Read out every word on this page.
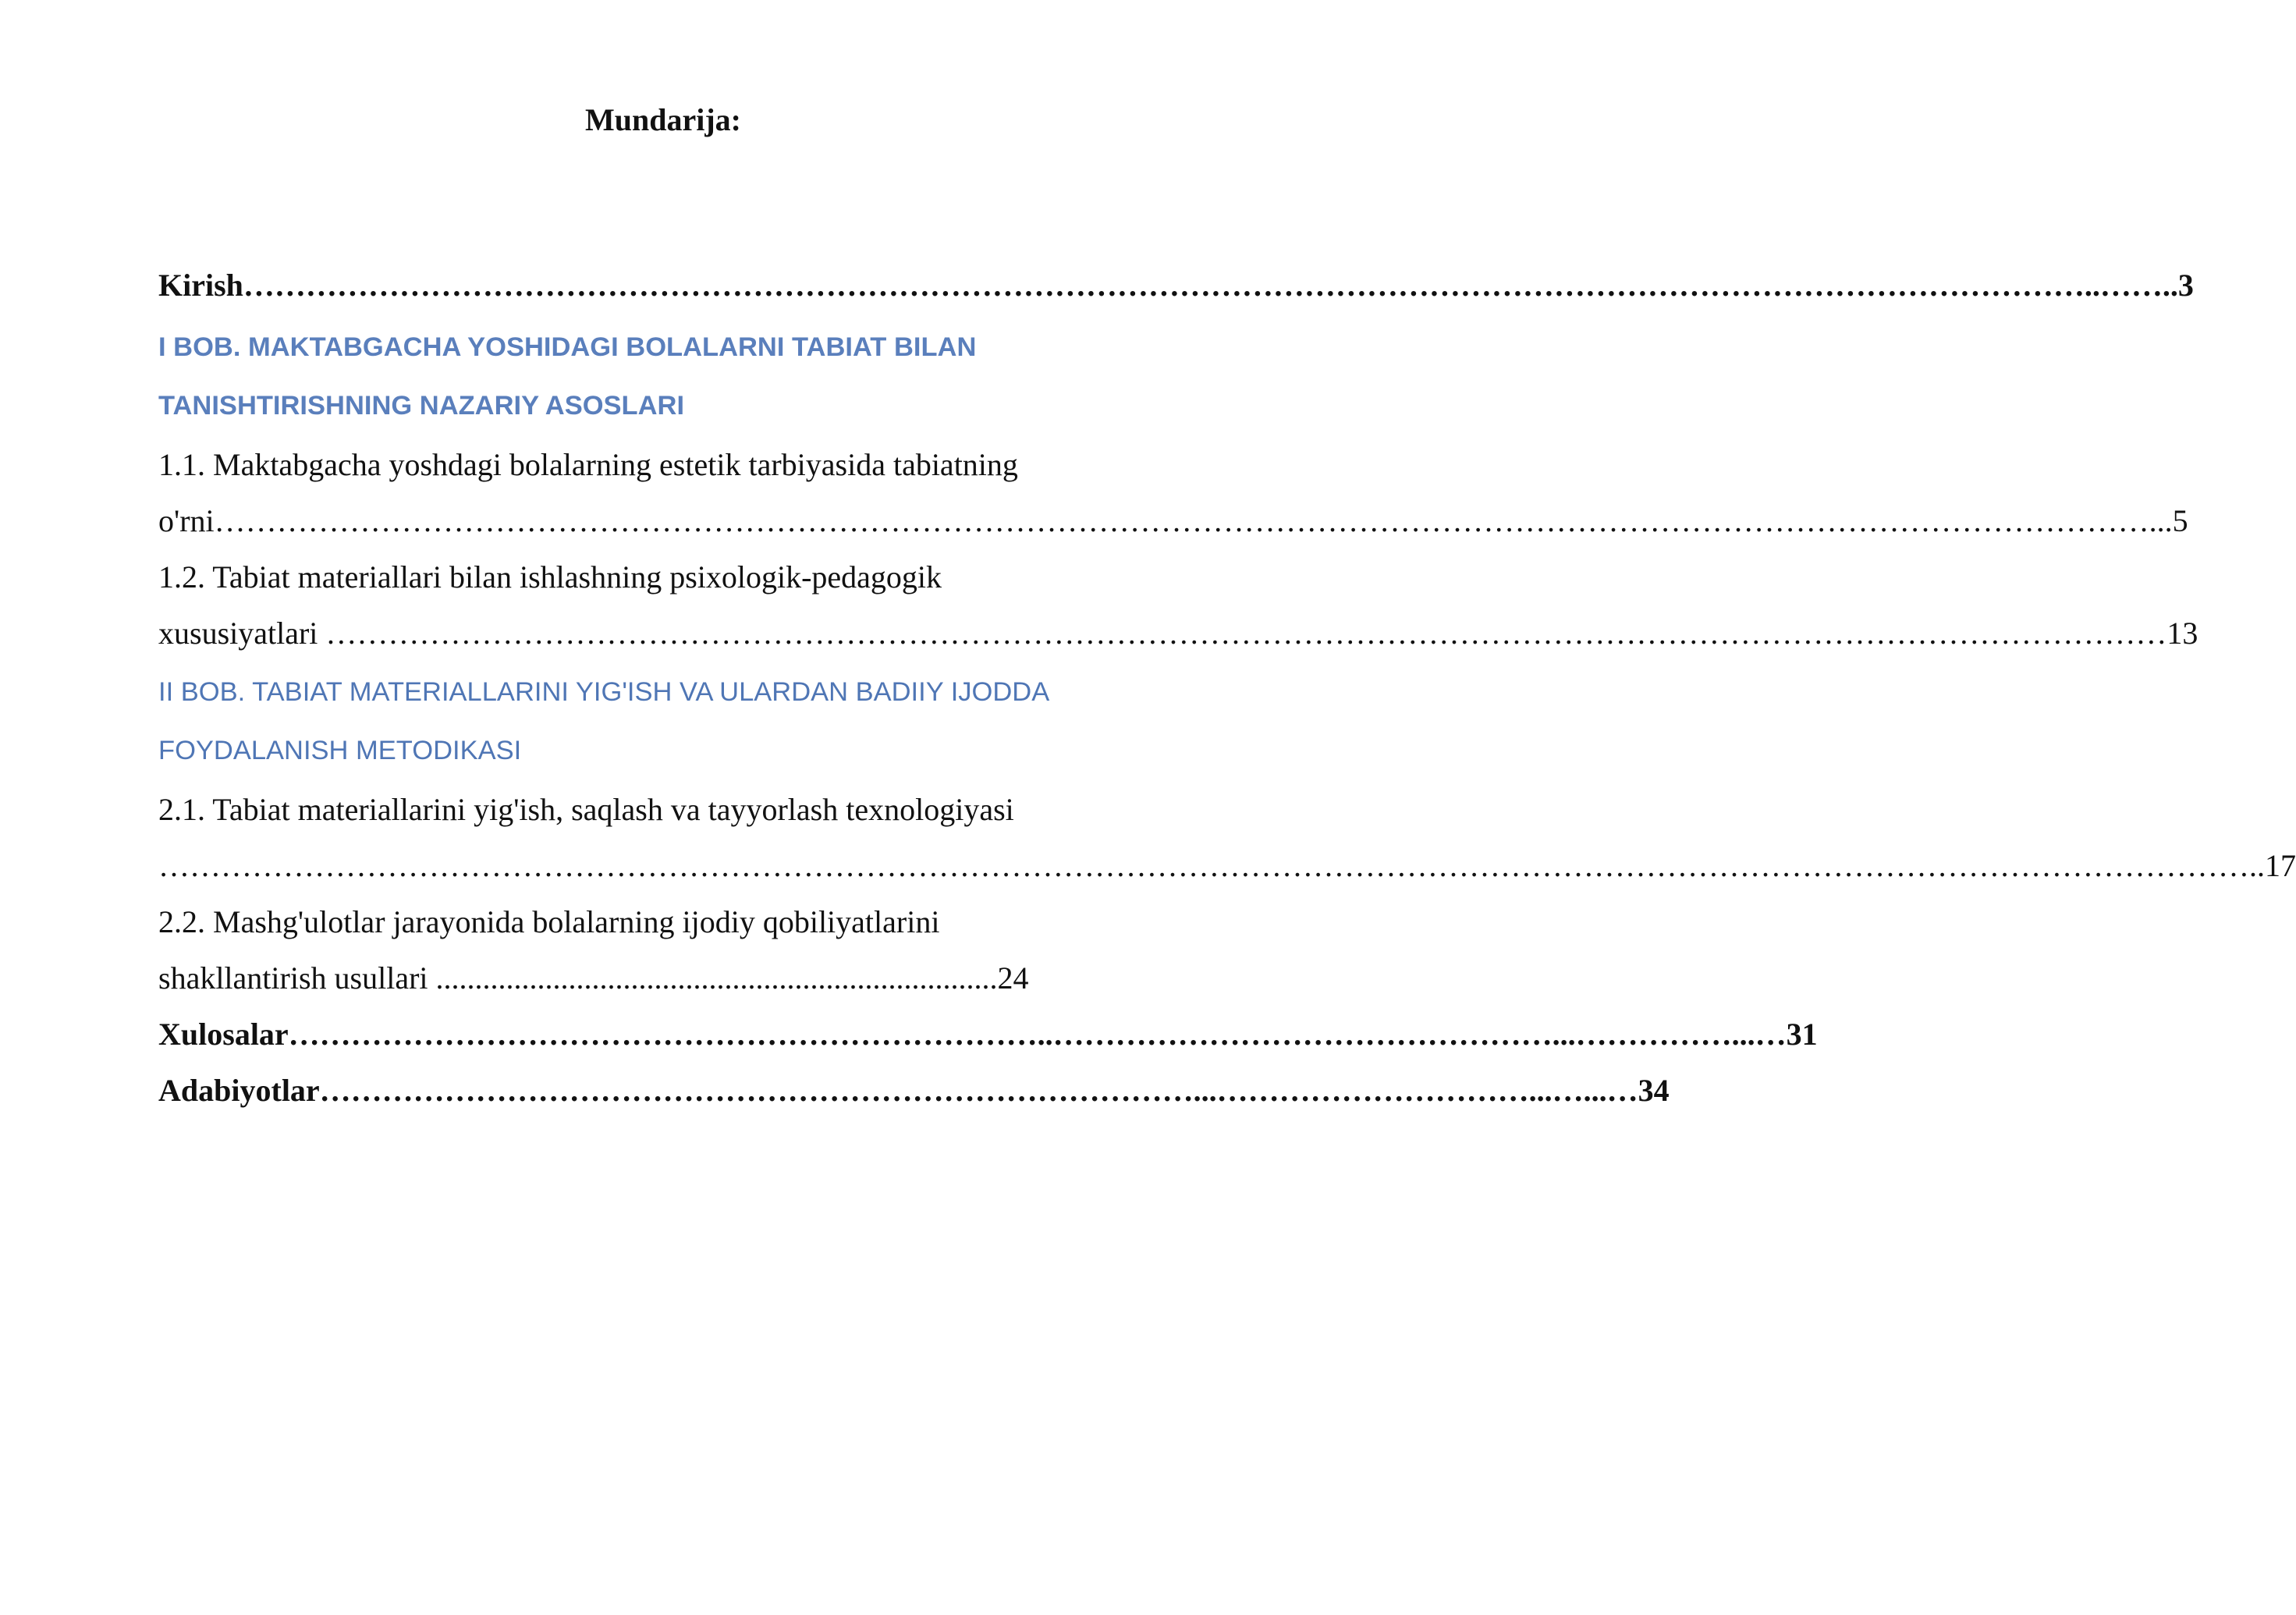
Mundarija:

Kirish……………………………………………………………………………………………………………………………………………………………..……..3

I BOB. MAKTABGACHA YOSHIDAGI BOLALARNI TABIAT BILAN

TANISHTIRISHNING NAZARIY ASOSLARI

1.1. Maktabgacha yoshdagi bolalarning estetik tarbiyasida tabiatning

o'rni……………………………………………………………………………………………………………………………………………………………………...5

1.2. Tabiat materiallari bilan ishlashning psixologik-pedagogik

xususiyatlari ……………………………………………………………………………………………………………………………………………………………13

II BOB. TABIAT MATERIALLARINI YIG'ISH VA ULARDAN BADIIY IJODDA

FOYDALANISH METODIKASI

2.1. Tabiat materiallarini yig'ish, saqlash va tayyorlash texnologiyasi

…………………………………………………………………………………………………………………………………………………………………………………..17

2.2. Mashg'ulotlar jarayonida bolalarning ijodiy qobiliyatlarini

shakllantirish usullari ........................................................................24

Xulosalar………………………………………………………………..…………………………………………...……………...…31

Adabiyotlar…………………………………………………………………………...…………………………...…...…34
